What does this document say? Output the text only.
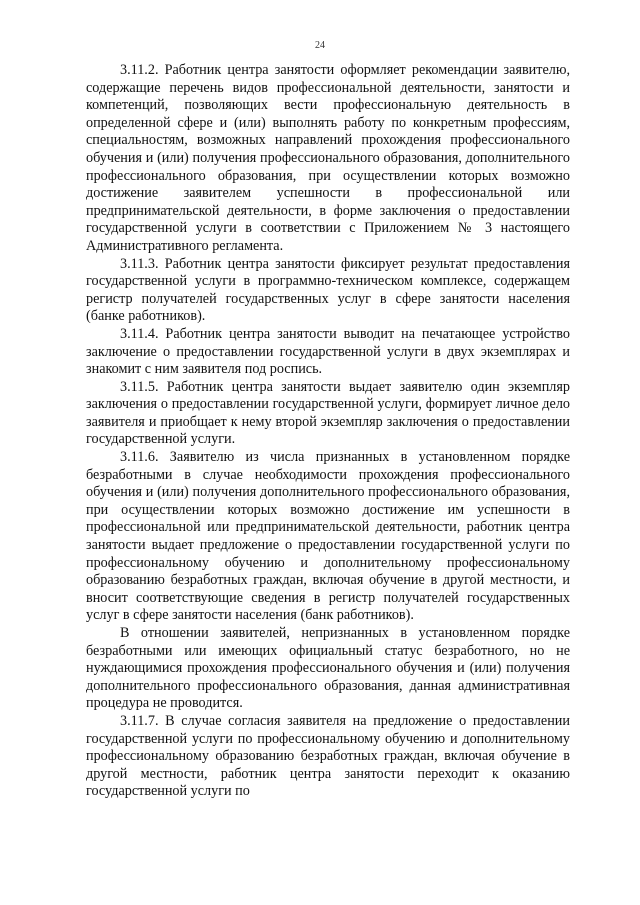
24

3.11.2. Работник центра занятости оформляет рекомендации заявителю, содержащие перечень видов профессиональной деятельности, занятости и компетенций, позволяющих вести профессиональную деятельность в определенной сфере и (или) выполнять работу по конкретным профессиям, специальностям, возможных направлений прохождения профессионального обучения и (или) получения профессионального образования, дополнительного профессионального образования, при осуществлении которых возможно достижение заявителем успешности в профессиональной или предпринимательской деятельности, в форме заключения о предоставлении государственной услуги в соответствии с Приложением № 3 настоящего Административного регламента.

3.11.3. Работник центра занятости фиксирует результат предоставления государственной услуги в программно-техническом комплексе, содержащем регистр получателей государственных услуг в сфере занятости населения (банке работников).

3.11.4. Работник центра занятости выводит на печатающее устройство заключение о предоставлении государственной услуги в двух экземплярах и знакомит с ним заявителя под роспись.

3.11.5. Работник центра занятости выдает заявителю один экземпляр заключения о предоставлении государственной услуги, формирует личное дело заявителя и приобщает к нему второй экземпляр заключения о предоставлении государственной услуги.

3.11.6. Заявителю из числа признанных в установленном порядке безработными в случае необходимости прохождения профессионального обучения и (или) получения дополнительного профессионального образования, при осуществлении которых возможно достижение им успешности в профессиональной или предпринимательской деятельности, работник центра занятости выдает предложение о предоставлении государственной услуги по профессиональному обучению и дополнительному профессиональному образованию безработных граждан, включая обучение в другой местности, и вносит соответствующие сведения в регистр получателей государственных услуг в сфере занятости населения (банк работников).

В отношении заявителей, непризнанных в установленном порядке безработными или имеющих официальный статус безработного, но не нуждающимися прохождения профессионального обучения и (или) получения дополнительного профессионального образования, данная административная процедура не проводится.

3.11.7. В случае согласия заявителя на предложение о предоставлении государственной услуги по профессиональному обучению и дополнительному профессиональному образованию безработных граждан, включая обучение в другой местности, работник центра занятости переходит к оказанию государственной услуги по
